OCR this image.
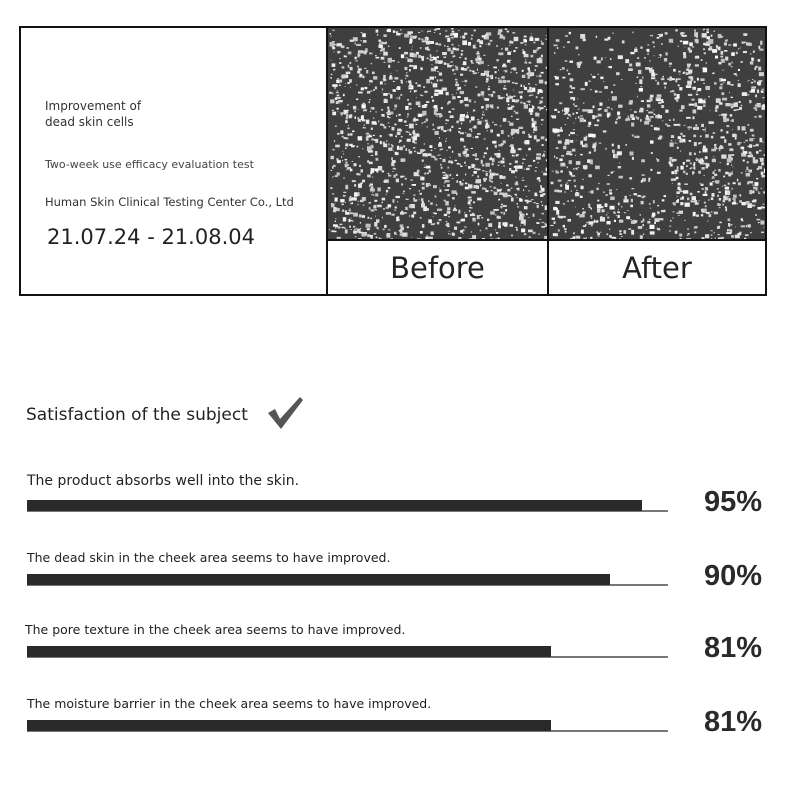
Improvement of
dead skin cells
Two-week use efficacy evaluation test
Human Skin Clinical Testing Center Co., Ltd
21.07.24 - 21.08.04
Before	After
Satisfaction of the subject
The product absorbs well into the skin.
95%
The dead skin in the cheek area seems to have improved.
90%
The pore texture in the cheek area seems to have improved.
81%
The moisture barrier in the cheek area seems to have improved.
81%
